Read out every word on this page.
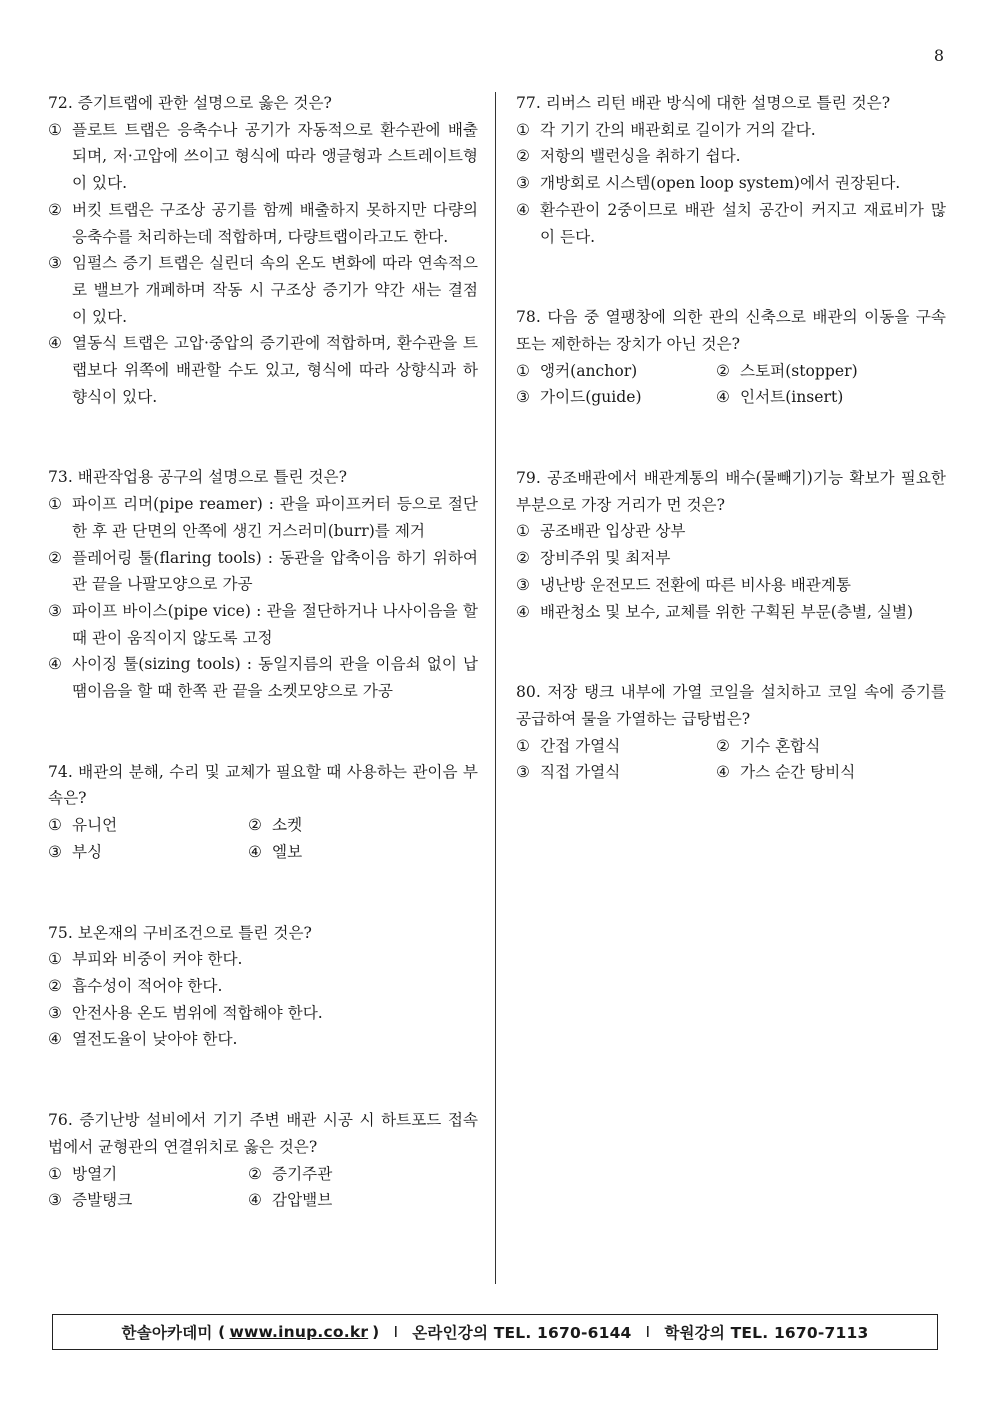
8
72. 증기트랩에 관한 설명으로 옳은 것은?
① 플로트 트랩은 응축수나 공기가 자동적으로 환수관에 배출되며, 저·고압에 쓰이고 형식에 따라 앵글형과 스트레이트형이 있다.
② 버킷 트랩은 구조상 공기를 함께 배출하지 못하지만 다량의 응축수를 처리하는데 적합하며, 다량트랩이라고도 한다.
③ 임펄스 증기 트랩은 실린더 속의 온도 변화에 따라 연속적으로 밸브가 개폐하며 작동 시 구조상 증기가 약간 새는 결점이 있다.
④ 열동식 트랩은 고압·중압의 증기관에 적합하며, 환수관을 트랩보다 위쪽에 배관할 수도 있고, 형식에 따라 상향식과 하향식이 있다.
73. 배관작업용 공구의 설명으로 틀린 것은?
① 파이프 리머(pipe reamer) : 관을 파이프커터 등으로 절단한 후 관 단면의 안쪽에 생긴 거스러미(burr)를 제거
② 플레어링 툴(flaring tools) : 동관을 압축이음 하기 위하여 관 끝을 나팔모양으로 가공
③ 파이프 바이스(pipe vice) : 관을 절단하거나 나사이음을 할 때 관이 움직이지 않도록 고정
④ 사이징 툴(sizing tools) : 동일지름의 관을 이음쇠 없이 납땜이음을 할 때 한쪽 관 끝을 소켓모양으로 가공
74. 배관의 분해, 수리 및 교체가 필요할 때 사용하는 관이음 부속은?
① 유니언	② 소켓
③ 부싱	④ 엘보
75. 보온재의 구비조건으로 틀린 것은?
① 부피와 비중이 커야 한다.
② 흡수성이 적어야 한다.
③ 안전사용 온도 범위에 적합해야 한다.
④ 열전도율이 낮아야 한다.
76. 증기난방 설비에서 기기 주변 배관 시공 시 하트포드 접속법에서 균형관의 연결위치로 옳은 것은?
① 방열기	② 증기주관
③ 증발탱크	④ 감압밸브
77. 리버스 리턴 배관 방식에 대한 설명으로 틀린 것은?
① 각 기기 간의 배관회로 길이가 거의 같다.
② 저항의 밸런싱을 취하기 쉽다.
③ 개방회로 시스템(open loop system)에서 권장된다.
④ 환수관이 2중이므로 배관 설치 공간이 커지고 재료비가 많이 든다.
78. 다음 중 열팽창에 의한 관의 신축으로 배관의 이동을 구속 또는 제한하는 장치가 아닌 것은?
① 앵커(anchor)	② 스토퍼(stopper)
③ 가이드(guide)	④ 인서트(insert)
79. 공조배관에서 배관계통의 배수(물빼기)기능 확보가 필요한 부분으로 가장 거리가 먼 것은?
① 공조배관 입상관 상부
② 장비주위 및 최저부
③ 냉난방 운전모드 전환에 따른 비사용 배관계통
④ 배관청소 및 보수, 교체를 위한 구획된 부문(층별, 실별)
80. 저장 탱크 내부에 가열 코일을 설치하고 코일 속에 증기를 공급하여 물을 가열하는 급탕법은?
① 간접 가열식	② 기수 혼합식
③ 직접 가열식	④ 가스 순간 탕비식
한솔아카데미 ( www.inup.co.kr ) I 온라인강의 TEL. 1670-6144 I 학원강의 TEL. 1670-7113
